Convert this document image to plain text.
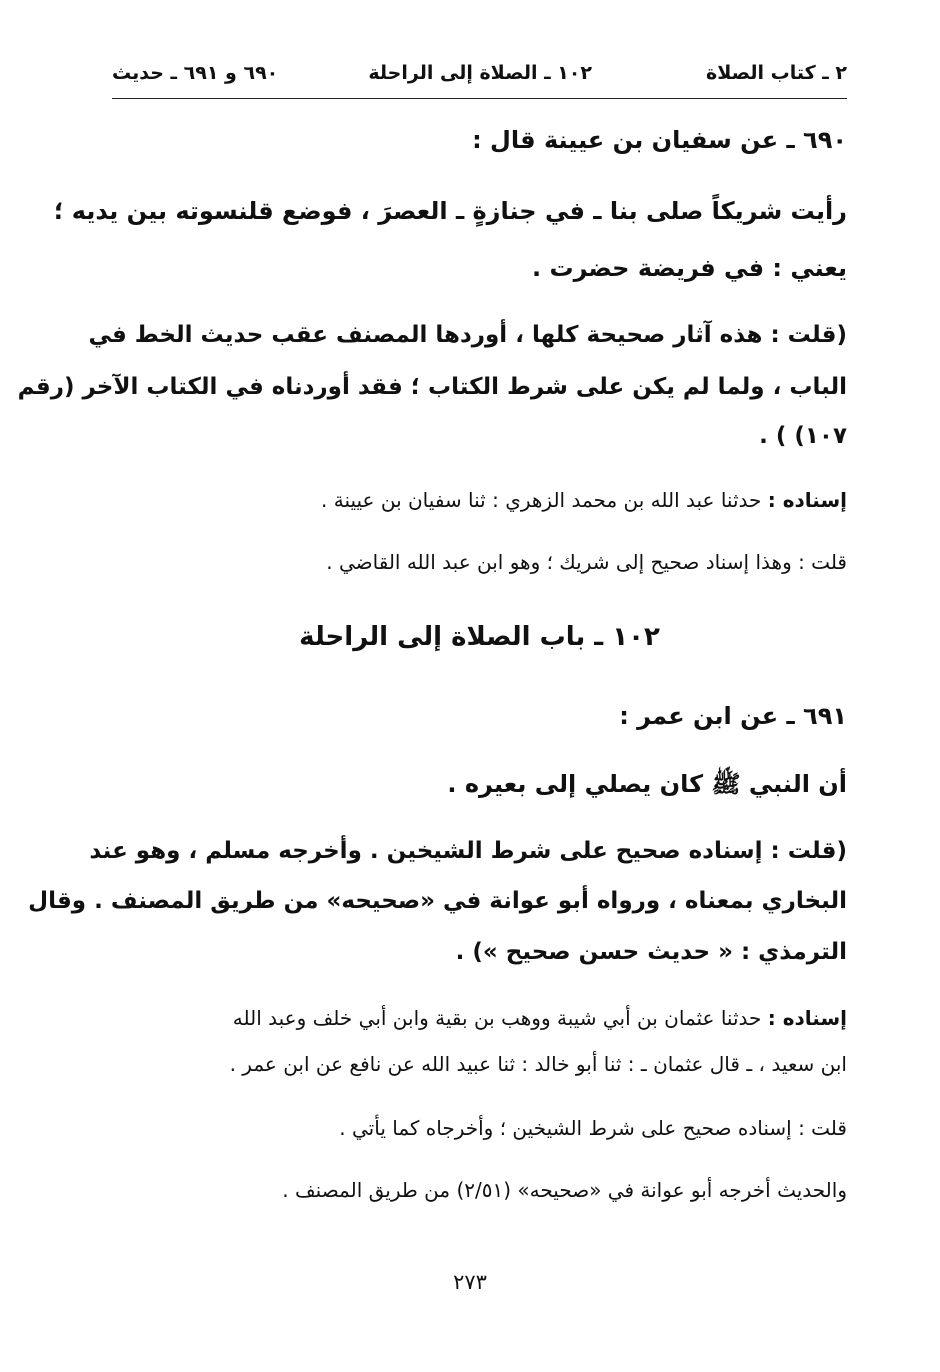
٢ ـ كتاب الصلاة
١٠٢ ـ الصلاة إلى الراحلة
٦٩٠ و ٦٩١ ـ حديث
٦٩٠ ـ عن سفيان بن عيينة قال :
رأيت شريكاً صلى بنا ـ في جنازةٍ ـ العصرَ ، فوضع قلنسوته بين يديه ؛
يعني : في فريضة حضرت .
(قلت : هذه آثار صحيحة كلها ، أوردها المصنف عقب حديث الخط في
الباب ، ولما لم يكن على شرط الكتاب ؛ فقد أوردناه في الكتاب الآخر (رقم
١٠٧) ) .
إسناده : حدثنا عبد الله بن محمد الزهري : ثنا سفيان بن عيينة .
قلت : وهذا إسناد صحيح إلى شريك ؛ وهو ابن عبد الله القاضي .
١٠٢ ـ باب الصلاة إلى الراحلة
٦٩١ ـ عن ابن عمر :
أن النبي ﷺ كان يصلي إلى بعيره .
(قلت : إسناده صحيح على شرط الشيخين . وأخرجه مسلم ، وهو عند
البخاري بمعناه ، ورواه أبو عوانة في «صحيحه» من طريق المصنف . وقال
الترمذي : « حديث حسن صحيح ») .
إسناده : حدثنا عثمان بن أبي شيبة ووهب بن بقية وابن أبي خلف وعبد الله
ابن سعيد ، ـ قال عثمان ـ : ثنا أبو خالد : ثنا عبيد الله عن نافع عن ابن عمر .
قلت : إسناده صحيح على شرط الشيخين ؛ وأخرجاه كما يأتي .
والحديث أخرجه أبو عوانة في «صحيحه» (٢/٥١) من طريق المصنف .
٢٧٣
